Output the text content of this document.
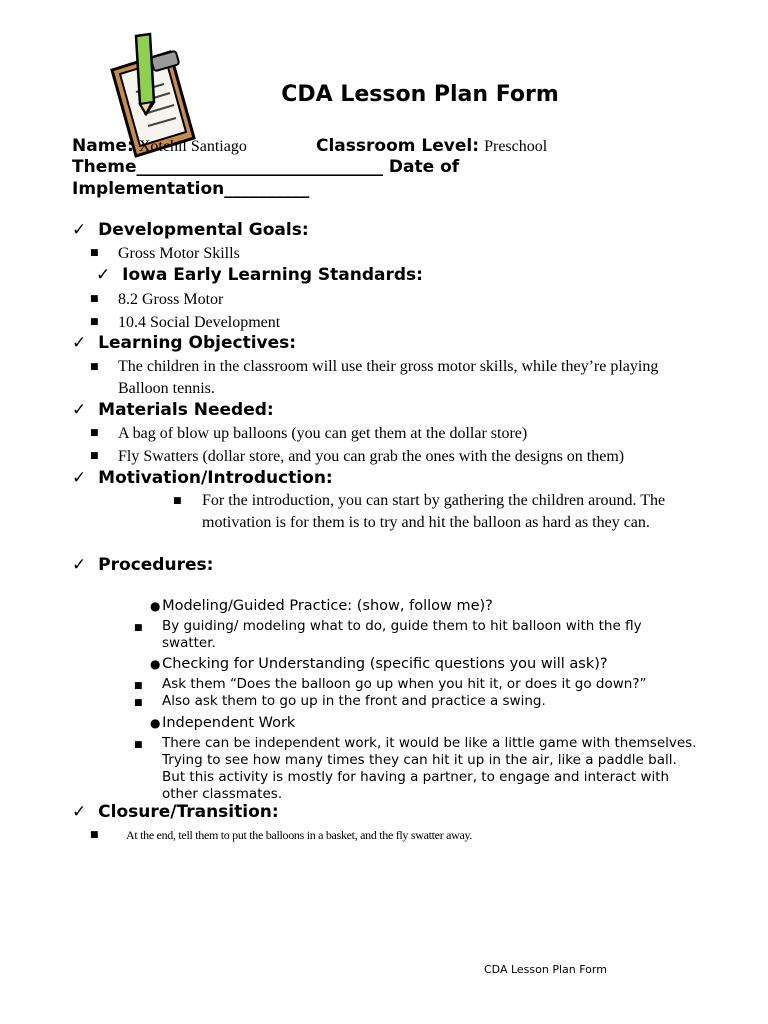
CDA Lesson Plan Form
Name: Xotchil Santiago	Classroom Level: Preschool
Theme_____________________________ Date of
Implementation__________
✓ Developmental Goals:
■ Gross Motor Skills
✓ Iowa Early Learning Standards:
■ 8.2 Gross Motor
■ 10.4 Social Development
✓ Learning Objectives:
■ The children in the classroom will use their gross motor skills, while they’re playing Balloon tennis.
✓ Materials Needed:
■ A bag of blow up balloons (you can get them at the dollar store)
■ Fly Swatters (dollar store, and you can grab the ones with the designs on them)
✓ Motivation/Introduction:
■ For the introduction, you can start by gathering the children around. The motivation is for them is to try and hit the balloon as hard as they can.
✓ Procedures:
● Modeling/Guided Practice: (show, follow me)?
■ By guiding/ modeling what to do, guide them to hit balloon with the fly swatter.
● Checking for Understanding (specific questions you will ask)?
■ Ask them “Does the balloon go up when you hit it, or does it go down?”
■ Also ask them to go up in the front and practice a swing.
● Independent Work
■ There can be independent work, it would be like a little game with themselves. Trying to see how many times they can hit it up in the air, like a paddle ball. But this activity is mostly for having a partner, to engage and interact with other classmates.
✓ Closure/Transition:
■ At the end, tell them to put the balloons in a basket, and the fly swatter away.
CDA Lesson Plan Form
